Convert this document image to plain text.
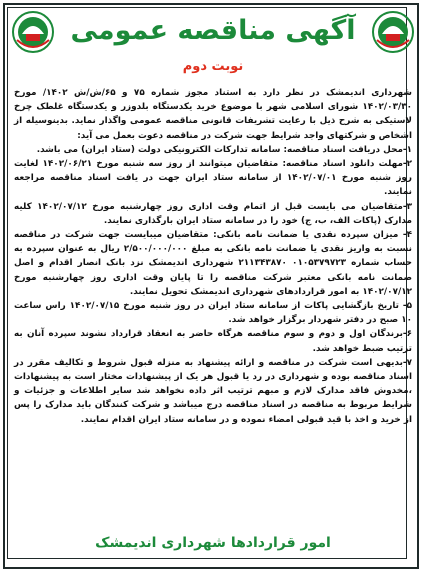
آگهی مناقصه عمومی
نوبت دوم

شهرداری اندیمشک در نظر دارد به استناد مجوز شماره ۷۵ و ۶۵/ش/ش ۱۴۰۲/ مورخ ۱۴۰۲/۰۳/۳۰ شورای اسلامی شهر با موضوع خرید یکدستگاه بلدوزر و یکدستگاه غلطک چرخ لاستیکی به شرح ذیل با رعایت تشریفات قانونی مناقصه عمومی واگذار نماید. بدینوسیله از اشخاص و شرکتهای واجد شرایط جهت شرکت در مناقصه دعوت بعمل می آید:

۱-محل دریافت اسناد مناقصه: سامانه تدارکات الکترونیکی دولت (ستاد ایران) می باشد.

۲-مهلت دانلود اسناد مناقصه: متقاضیان میتوانند از روز سه شنبه مورخ ۱۴۰۲/۰۶/۲۱ لغایت روز شنبه مورخ ۱۴۰۲/۰۷/۰۱ از سامانه ستاد ایران جهت در یافت اسناد مناقصه مراجعه نمایند.

۳-متقاضیان می بایست قبل از اتمام وقت اداری روز چهارشنبه مورخ ۱۴۰۲/۰۷/۱۲ کلیه مدارک (پاکات الف، ب، ج) خود را در سامانه ستاد ایران بارگذاری نمایند.

۴- میزان سپرده نقدی یا ضمانت نامه بانکی: متقاضیان میبایست جهت شرکت در مناقصه نسبت به واریز نقدی یا ضمانت نامه بانکی به مبلغ ۲/۵۰۰/۰۰۰/۰۰۰ ریال به عنوان سپرده به حساب شماره ۰۱۰۵۳۷۹۷۲۳ ۲۱۱۳۴۳۸۷۰ شهرداری اندیمشک نزد بانک انصار اقدام و اصل ضمانت نامه بانکی معتبر شرکت مناقصه را تا پایان وقت اداری روز چهارشنبه مورخ ۱۴۰۲/۰۷/۱۲ به امور قراردادهای شهرداری اندیمشک تحویل نمایند.

۵- تاریخ بازگشایی پاکات از سامانه ستاد ایران در روز شنبه مورخ ۱۴۰۲/۰۷/۱۵ راس ساعت ۱۰ صبح در دفتر شهردار برگزار خواهد شد.

۶-برندگان اول و دوم و سوم مناقصه هرگاه حاضر به انعقاد قرارداد نشوند سپرده آنان به ترتیب ضبط خواهد شد.

۷-بدیهی است شرکت در مناقصه و ارائه پیشنهاد به منزله قبول شروط و تکالیف مقرر در اسناد مناقصه بوده و شهرداری در رد یا قبول هر یک از پیشنهادات مختار است به پیشنهادات ،مخدوش فاقد مدارک لازم و مبهم ترتیب اثر داده نخواهد شد سایر اطلاعات و جزئیات و شرایط مربوط به مناقصه در اسناد مناقصه درج میباشد و شرکت کنندگان باید مدارک را پس از خرید و اخذ با قید قبولی امضاء نموده و در سامانه ستاد ایران اقدام نمایند.

امور قراردادها شهرداری اندیمشک
